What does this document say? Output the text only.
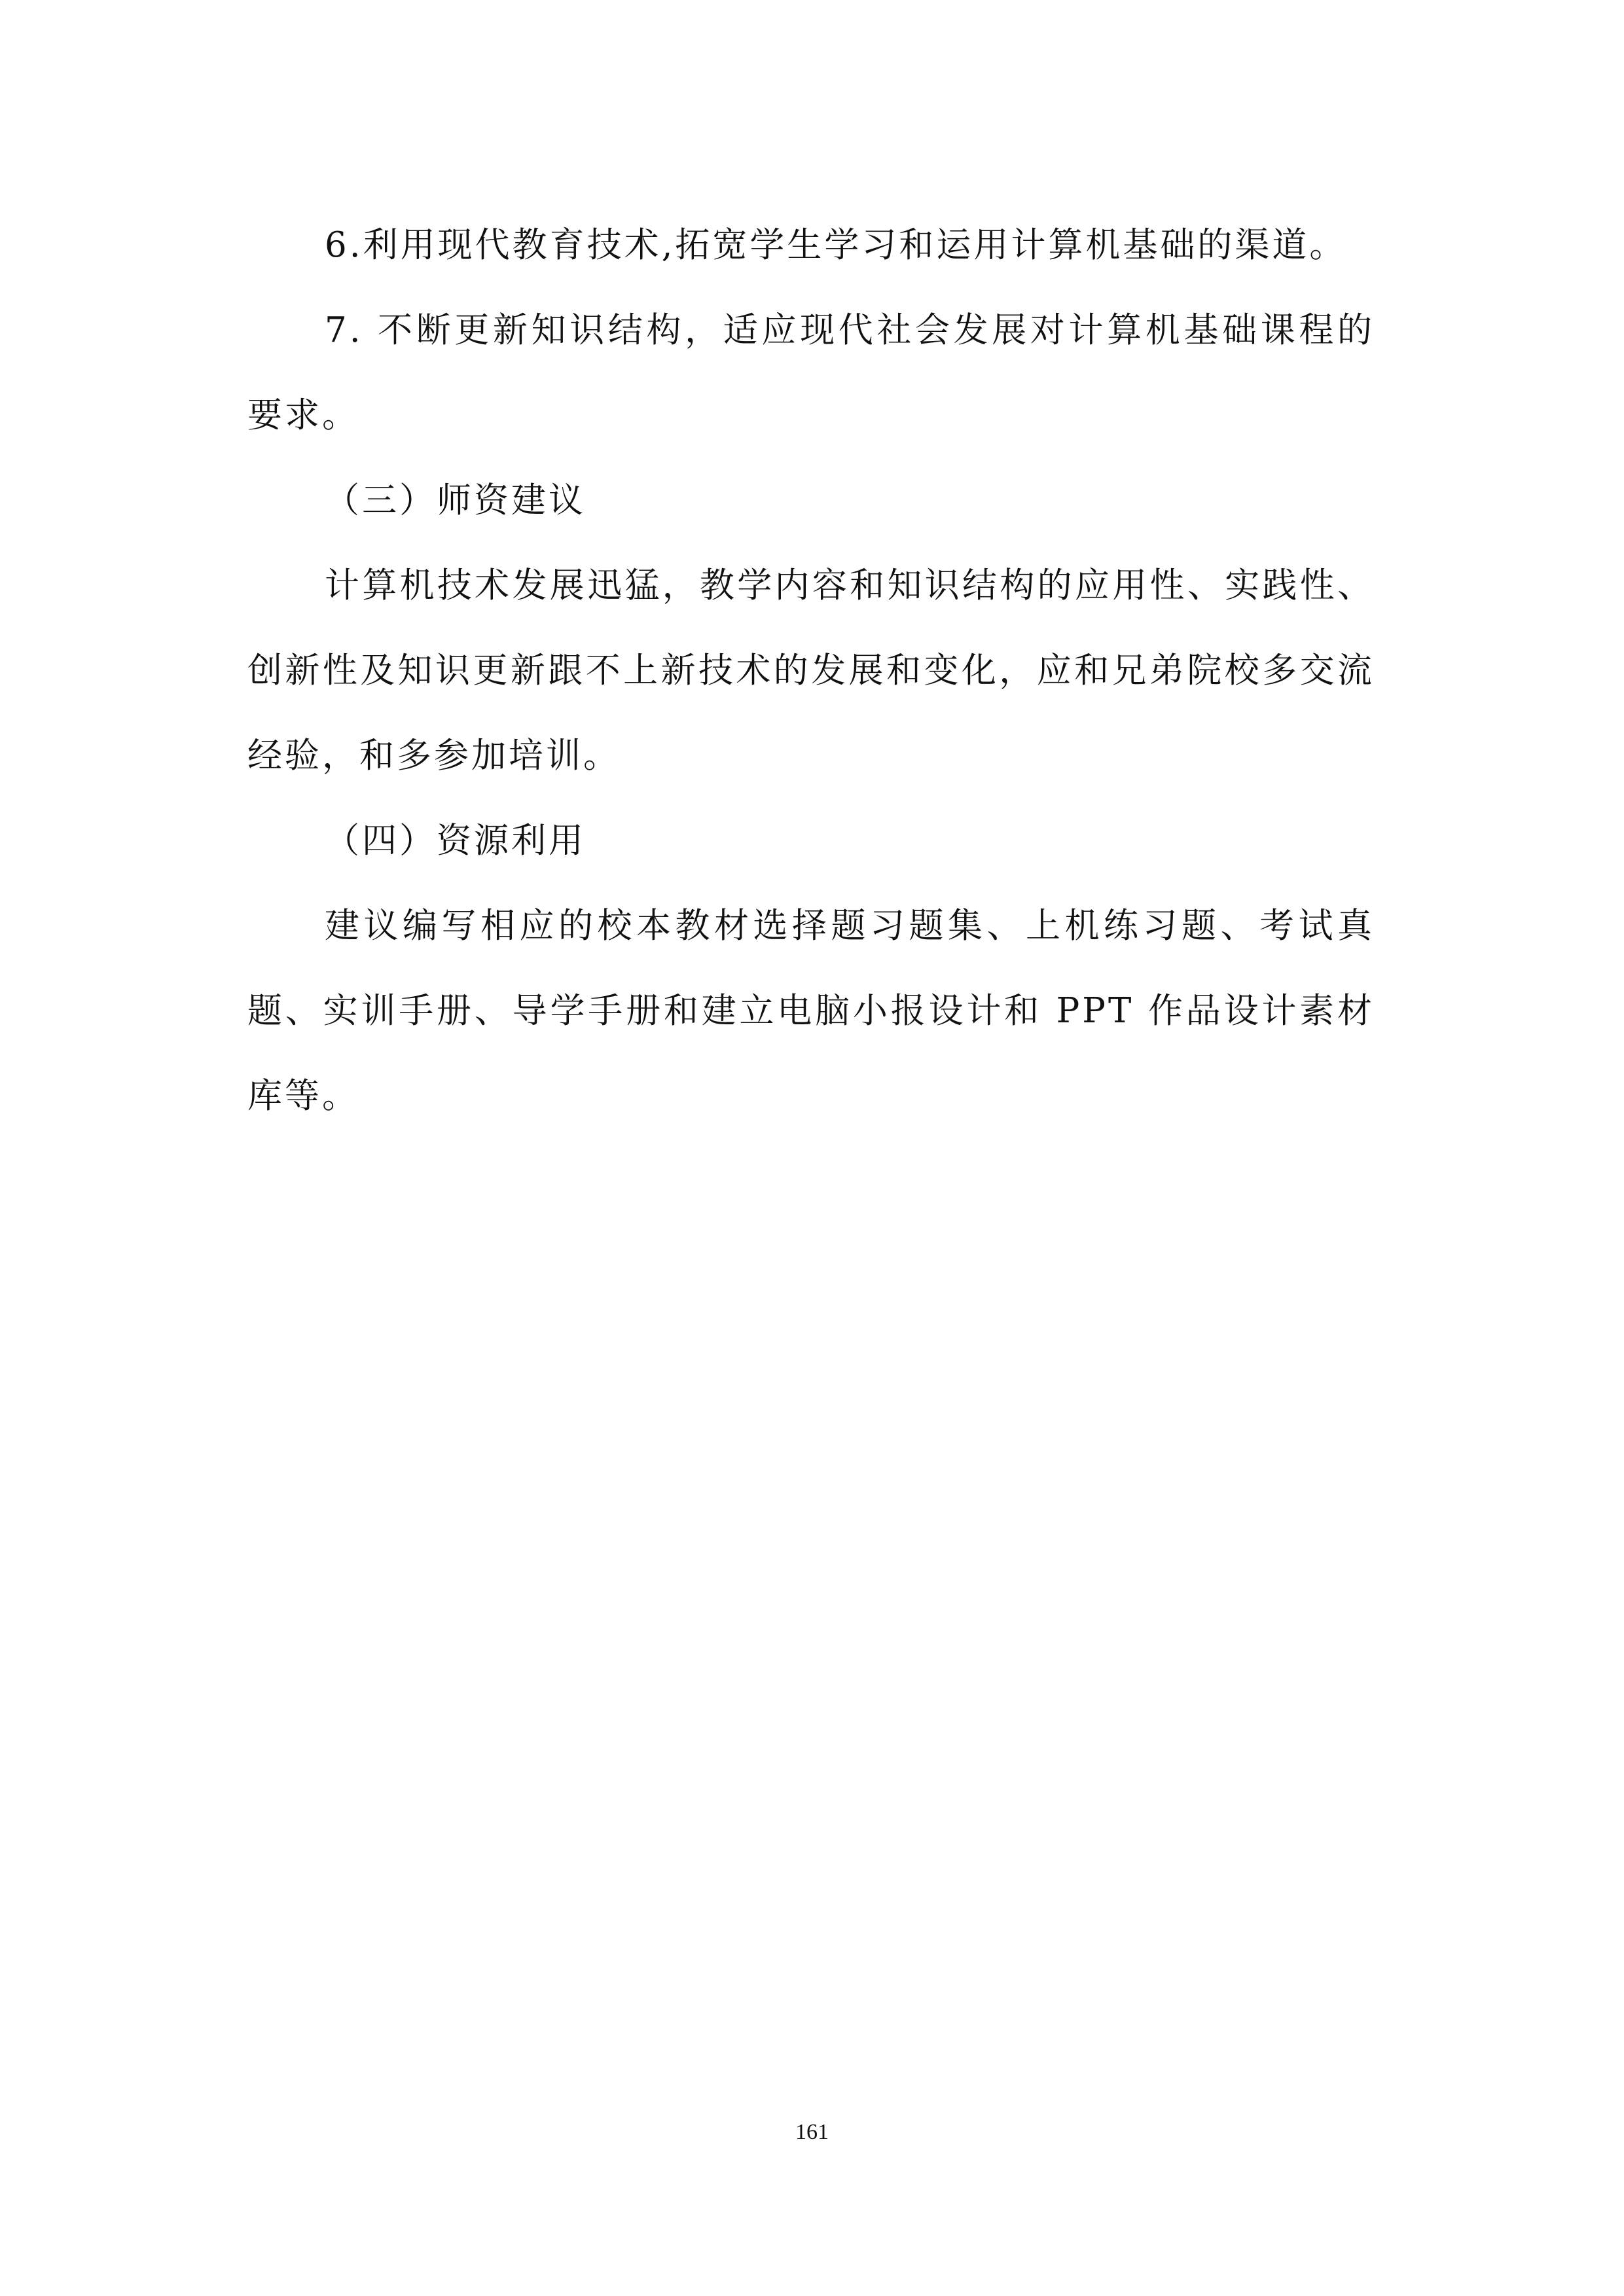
6.利用现代教育技术,拓宽学生学习和运用计算机基础的渠道。

7. 不断更新知识结构，适应现代社会发展对计算机基础课程的要求。

（三）师资建议

计算机技术发展迅猛，教学内容和知识结构的应用性、实践性、创新性及知识更新跟不上新技术的发展和变化，应和兄弟院校多交流经验，和多参加培训。

（四）资源利用

建议编写相应的校本教材选择题习题集、上机练习题、考试真题、实训手册、导学手册和建立电脑小报设计和 PPT 作品设计素材库等。

161
